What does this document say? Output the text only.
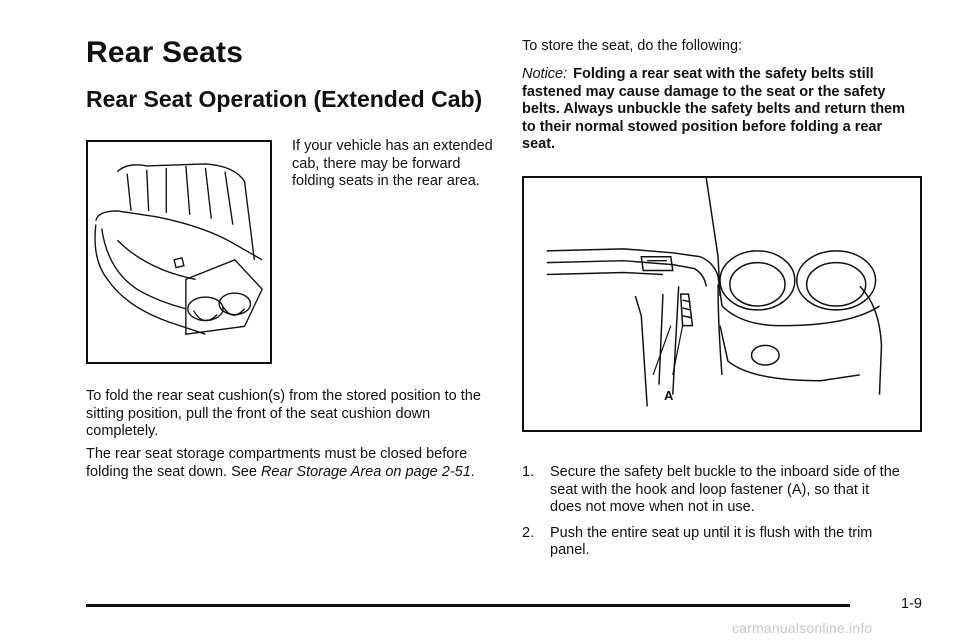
Rear Seats
Rear Seat Operation (Extended Cab)

If your vehicle has an extended cab, there may be forward folding seats in the rear area.

To fold the rear seat cushion(s) from the stored position to the sitting position, pull the front of the seat cushion down completely.

The rear seat storage compartments must be closed before folding the seat down. See Rear Storage Area on page 2-51.

To store the seat, do the following:

Notice: Folding a rear seat with the safety belts still fastened may cause damage to the seat or the safety belts. Always unbuckle the safety belts and return them to their normal stowed position before folding a rear seat.

A
1. Secure the safety belt buckle to the inboard side of the seat with the hook and loop fastener (A), so that it does not move when not in use.
2. Push the entire seat up until it is flush with the trim panel.
1-9
carmanualsonline.info
